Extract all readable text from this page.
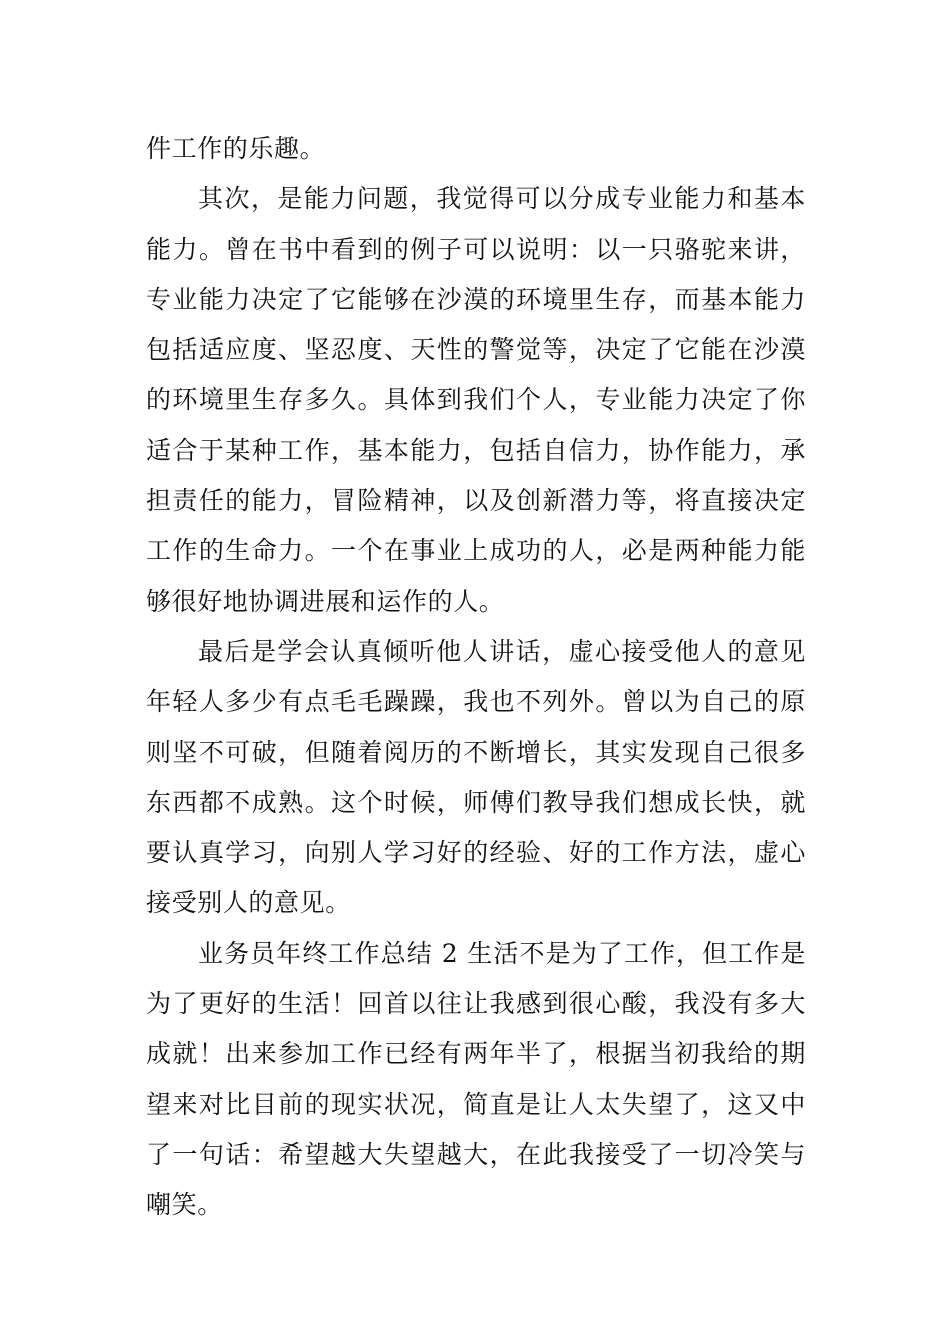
件工作的乐趣。

其次，是能力问题，我觉得可以分成专业能力和基本能力。曾在书中看到的例子可以说明：以一只骆驼来讲，专业能力决定了它能够在沙漠的环境里生存，而基本能力包括适应度、坚忍度、天性的警觉等，决定了它能在沙漠的环境里生存多久。具体到我们个人，专业能力决定了你适合于某种工作，基本能力，包括自信力，协作能力，承担责任的能力，冒险精神，以及创新潜力等，将直接决定工作的生命力。一个在事业上成功的人，必是两种能力能够很好地协调进展和运作的人。

最后是学会认真倾听他人讲话，虚心接受他人的意见年轻人多少有点毛毛躁躁，我也不列外。曾以为自己的原则坚不可破，但随着阅历的不断增长，其实发现自己很多东西都不成熟。这个时候，师傅们教导我们想成长快，就要认真学习，向别人学习好的经验、好的工作方法，虚心接受别人的意见。

业务员年终工作总结 2 生活不是为了工作，但工作是为了更好的生活！回首以往让我感到很心酸，我没有多大成就！出来参加工作已经有两年半了，根据当初我给的期望来对比目前的现实状况，简直是让人太失望了，这又中了一句话：希望越大失望越大，在此我接受了一切冷笑与嘲笑。
